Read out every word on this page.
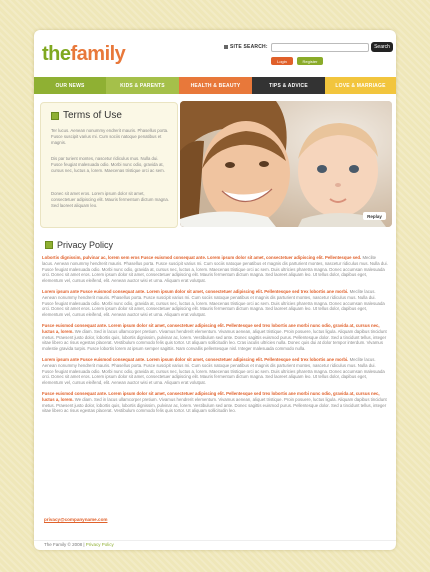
thefamily	SITE SEARCH:	Search
Login	Register
OUR NEWS	KIDS & PARENTS	HEALTH & BEAUTY	TIPS & ADVICE	LOVE & MARRIAGE
Terms of Use

Ter lucus. Aenean nonummy endrerit mauris. Phasellus porta. Fusce suscipit varius mi. Cum sociis natoque penatibus et magnis.

Dis par turient montes, nascetur ridiculus mus. Nulla dui. Fusce feugiat malesuada odio. Morbi nunc odio, gravida at, cursus nec, luctus a, lorem. Maecenas tristique orci ac sem.

Donec sit amet eros. Lorem ipsum dolor sit amet, consectetuer adipiscing elit. Mauris fermentum dictum magna. Sed laoreet aliquam leo.

Replay
Privacy Policy

Lobortis dignissim, pulvinar ac, lorem sem eros Fusce euismod consequat ante. Lorem ipsum dolor sit amet, consectetuer adipiscing elit. Pellentesque sed. Meclite lacus. Aenean nonummy hendrerit mauris. Phasellus porta. Fusce suscipit varius mi. Cum sociis natoque penatibus et magnis dis parturient montes, nascetur ridiculus mus. Nulla dui. Fusce feugiat malesuada odio. Morbi nunc odio, gravida at, cursus nec, luctus a, lorem. Maecenas tristique orci ac sem. Duis ultricies pharetra magna. Donec accumsan malesuada orci. Donec sit amet eros. Lorem ipsum dolor sit amet, consectetuer adipiscing elit. Mauris fermentum dictum magna. Sed laoreet aliquam leo. Ut tellus dolor, dapibus eget, elementum vel, cursus eleifend, elit. Aenean auctor wisi et urna. Aliquam erat volutpat.

Lorem ipsum ante Fusce euismod consequat ante. Lorem ipsum dolor sit amet, consectetuer adipiscing elit. Pellentesque sed trex lobortis ane morbi. Meclite lacus. Aenean nonummy hendrerit mauris. Phasellus porta. Fusce suscipit varius mi. Cum sociis natoque penatibus et magnis dis parturient montes, nascetur ridiculus mus. Nulla dui. Fusce feugiat malesuada odio. Morbi nunc odio, gravida at, cursus nec, luctus a, lorem. Maecenas tristique orci ac sem. Duis ultricies pharetra magna. Donec accumsan malesuada orci. Donec sit amet eros. Lorem ipsum dolor sit amet, consectetuer adipiscing elit. Mauris fermentum dictum magna. Sed laoreet aliquam leo. Ut tellus dolor, dapibus eget, elementum vel, cursus eleifend, elit. Aenean auctor wisi et urna. Aliquam erat volutpat.

Fusce euismod consequat ante. Lorem ipsum dolor sit amet, consectetuer adipiscing elit. Pellentesque sed trex lobortis ane morbi nunc odio, gravida at, cursus nec, luctus a, lorem. We diam. Sed in lacus ullamcorper pretium. Vivamus hendrerit elementum. Vivamus aenean, aliquet tristique. Proin posuere, luctus ligula. Aliquam dapibus tincidunt metus. Praesent justo dolor, lobortis quis, lobortis dignissim, pulvinar ac, lorem. Vestibulum sed ante. Donec sagittis euismod purus. Pellentesque dolor. Sed a tincidunt tellus, integer vitae libero ac risus egestas placerat. Vestibulum commodo felis quis tortor. Ut aliquam sollicitudin leo. Cras iaculis ultricies nulla. Donec quis dui at dolor tempor interdum. Vivamus molestie gravida turpis. Fusce lobortis lorem at ipsum semper sagittis. Nam convallis pellentesque nisl. Integer malesuada commodo nulla.

Lorem ipsum ante Fusce euismod consequat ante. Lorem ipsum dolor sit amet, consectetuer adipiscing elit. Pellentesque sed trex lobortis ane morbi. Meclite lacus. Aenean nonummy hendrerit mauris. Phasellus porta. Fusce suscipit varius mi. Cum sociis natoque penatibus et magnis dis parturient montes, nascetur ridiculus mus. Nulla dui. Fusce feugiat malesuada odio. Morbi nunc odio, gravida at, cursus nec, luctus a, lorem. Maecenas tristique orci ac sem. Duis ultricies pharetra magna. Donec accumsan malesuada orci. Donec sit amet eros. Lorem ipsum dolor sit amet, consectetuer adipiscing elit. Mauris fermentum dictum magna. Sed laoreet aliquam leo. Ut tellus dolor, dapibus eget, elementum vel, cursus eleifend, elit. Aenean auctor wisi et urna. Aliquam erat volutpat.

Fusce euismod consequat ante. Lorem ipsum dolor sit amet, consectetuer adipiscing elit. Pellentesque sed trex lobortis ane morbi nunc odio, gravida at, cursus nec, luctus a, lorem. We diam. Sed in lacus ullamcorper pretium. Vivamus hendrerit elementum. Vivamus aenean, aliquet tristique. Proin posuere, luctus ligula. Aliquam dapibus tincidunt metus. Praesent justo dolor, lobortis quis, lobortis dignissim, pulvinar ac, lorem. Vestibulum sed ante. Donec sagittis euismod purus. Pellentesque dolor. Sed a tincidunt tellus, integer vitae libero ac risus egestas placerat. Vestibulum commodo felis quis tortor. Ut aliquam sollicitudin leo.

privacy@companyname.com
The Family © 2008 | Privacy Policy
